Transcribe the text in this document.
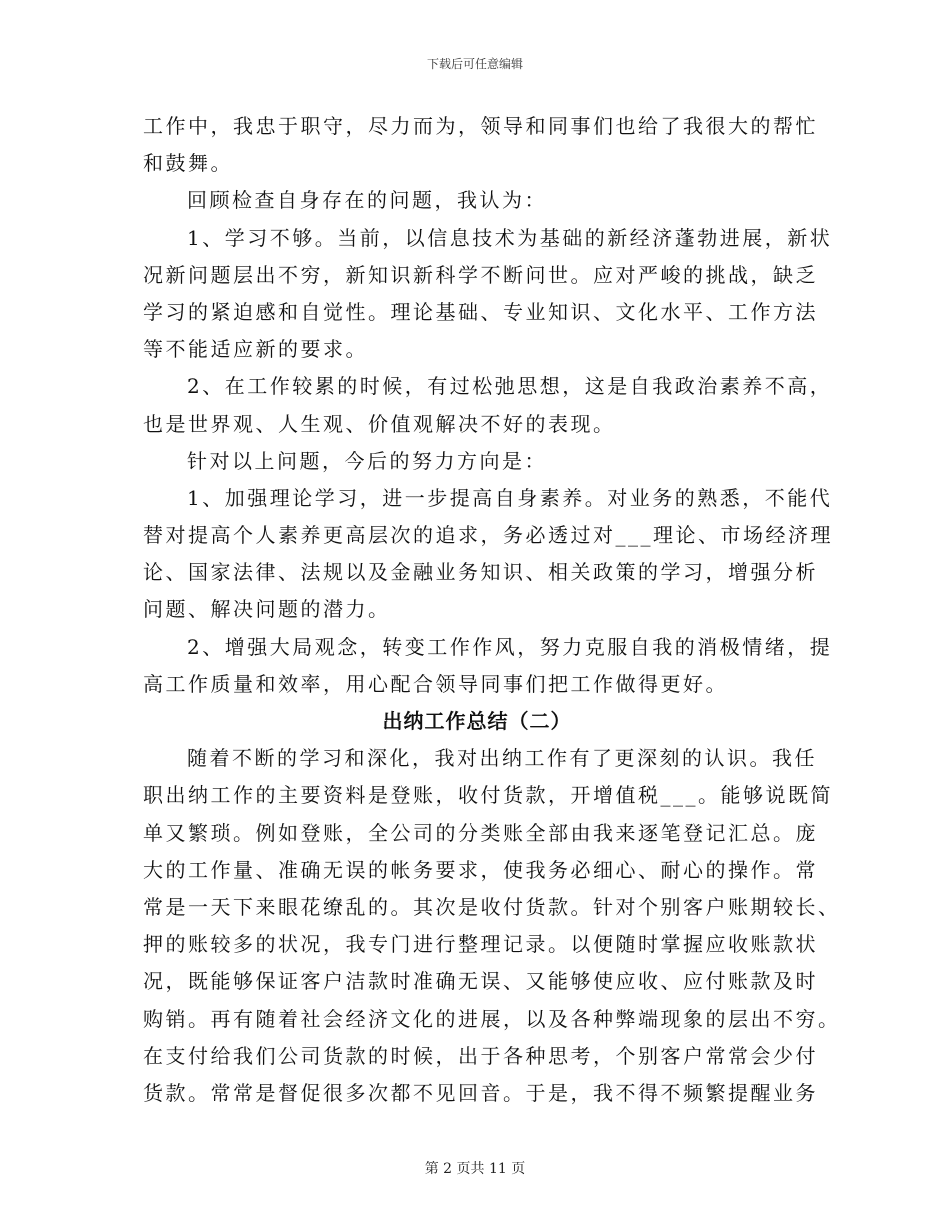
下载后可任意编辑
工作中，我忠于职守，尽力而为，领导和同事们也给了我很大的帮忙
和鼓舞。
回顾检查自身存在的问题，我认为：
1、学习不够。当前，以信息技术为基础的新经济蓬勃进展，新状
况新问题层出不穷，新知识新科学不断问世。应对严峻的挑战，缺乏
学习的紧迫感和自觉性。理论基础、专业知识、文化水平、工作方法
等不能适应新的要求。
2、在工作较累的时候，有过松弛思想，这是自我政治素养不高，
也是世界观、人生观、价值观解决不好的表现。
针对以上问题，今后的努力方向是：
1、加强理论学习，进一步提高自身素养。对业务的熟悉，不能代
替对提高个人素养更高层次的追求，务必透过对___理论、市场经济理
论、国家法律、法规以及金融业务知识、相关政策的学习，增强分析
问题、解决问题的潜力。
2、增强大局观念，转变工作作风，努力克服自我的消极情绪，提
高工作质量和效率，用心配合领导同事们把工作做得更好。
出纳工作总结（二）
随着不断的学习和深化，我对出纳工作有了更深刻的认识。我任
职出纳工作的主要资料是登账，收付货款，开增值税___。能够说既简
单又繁琐。例如登账，全公司的分类账全部由我来逐笔登记汇总。庞
大的工作量、准确无误的帐务要求，使我务必细心、耐心的操作。常
常是一天下来眼花缭乱的。其次是收付货款。针对个别客户账期较长、
押的账较多的状况，我专门进行整理记录。以便随时掌握应收账款状
况，既能够保证客户洁款时准确无误、又能够使应收、应付账款及时
购销。再有随着社会经济文化的进展，以及各种弊端现象的层出不穷。
在支付给我们公司货款的时候，出于各种思考，个别客户常常会少付
货款。常常是督促很多次都不见回音。于是，我不得不频繁提醒业务
第 2 页共 11 页
